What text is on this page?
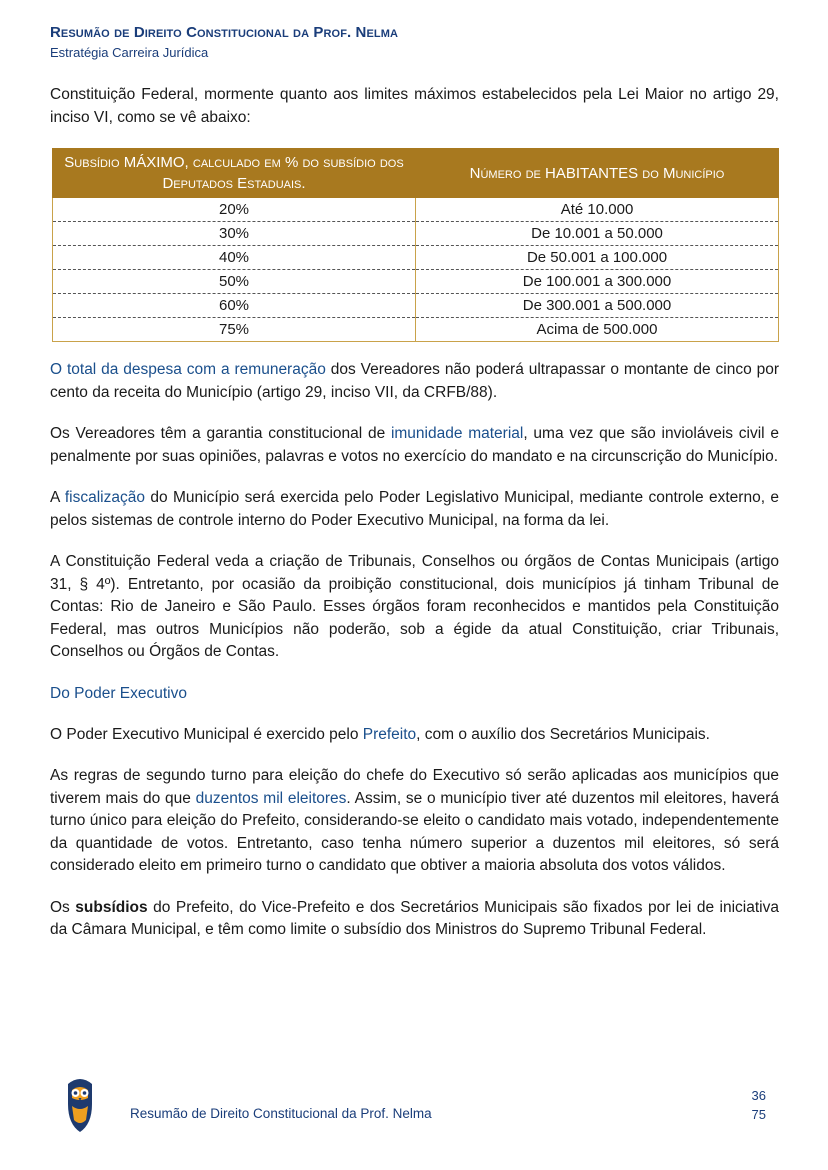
Resumão de Direito Constitucional da Prof. Nelma
Estratégia Carreira Jurídica

Constituição Federal, mormente quanto aos limites máximos estabelecidos pela Lei Maior no artigo 29, inciso VI, como se vê abaixo:

Subsídio MÁXIMO, calculado em % do subsídio dos Deputados Estaduais.	Número de HABITANTES do Município
20%	Até 10.000
30%	De 10.001 a 50.000
40%	De 50.001 a 100.000
50%	De 100.001 a 300.000
60%	De 300.001 a 500.000
75%	Acima de 500.000

O total da despesa com a remuneração dos Vereadores não poderá ultrapassar o montante de cinco por cento da receita do Município (artigo 29, inciso VII, da CRFB/88).

Os Vereadores têm a garantia constitucional de imunidade material, uma vez que são invioláveis civil e penalmente por suas opiniões, palavras e votos no exercício do mandato e na circunscrição do Município.

A fiscalização do Município será exercida pelo Poder Legislativo Municipal, mediante controle externo, e pelos sistemas de controle interno do Poder Executivo Municipal, na forma da lei.

A Constituição Federal veda a criação de Tribunais, Conselhos ou órgãos de Contas Municipais (artigo 31, § 4º). Entretanto, por ocasião da proibição constitucional, dois municípios já tinham Tribunal de Contas: Rio de Janeiro e São Paulo. Esses órgãos foram reconhecidos e mantidos pela Constituição Federal, mas outros Municípios não poderão, sob a égide da atual Constituição, criar Tribunais, Conselhos ou Órgãos de Contas.

Do Poder Executivo

O Poder Executivo Municipal é exercido pelo Prefeito, com o auxílio dos Secretários Municipais.

As regras de segundo turno para eleição do chefe do Executivo só serão aplicadas aos municípios que tiverem mais do que duzentos mil eleitores. Assim, se o município tiver até duzentos mil eleitores, haverá turno único para eleição do Prefeito, considerando-se eleito o candidato mais votado, independentemente da quantidade de votos. Entretanto, caso tenha número superior a duzentos mil eleitores, só será considerado eleito em primeiro turno o candidato que obtiver a maioria absoluta dos votos válidos.

Os subsídios do Prefeito, do Vice-Prefeito e dos Secretários Municipais são fixados por lei de iniciativa da Câmara Municipal, e têm como limite o subsídio dos Ministros do Supremo Tribunal Federal.

Resumão de Direito Constitucional da Prof. Nelma
36
75
